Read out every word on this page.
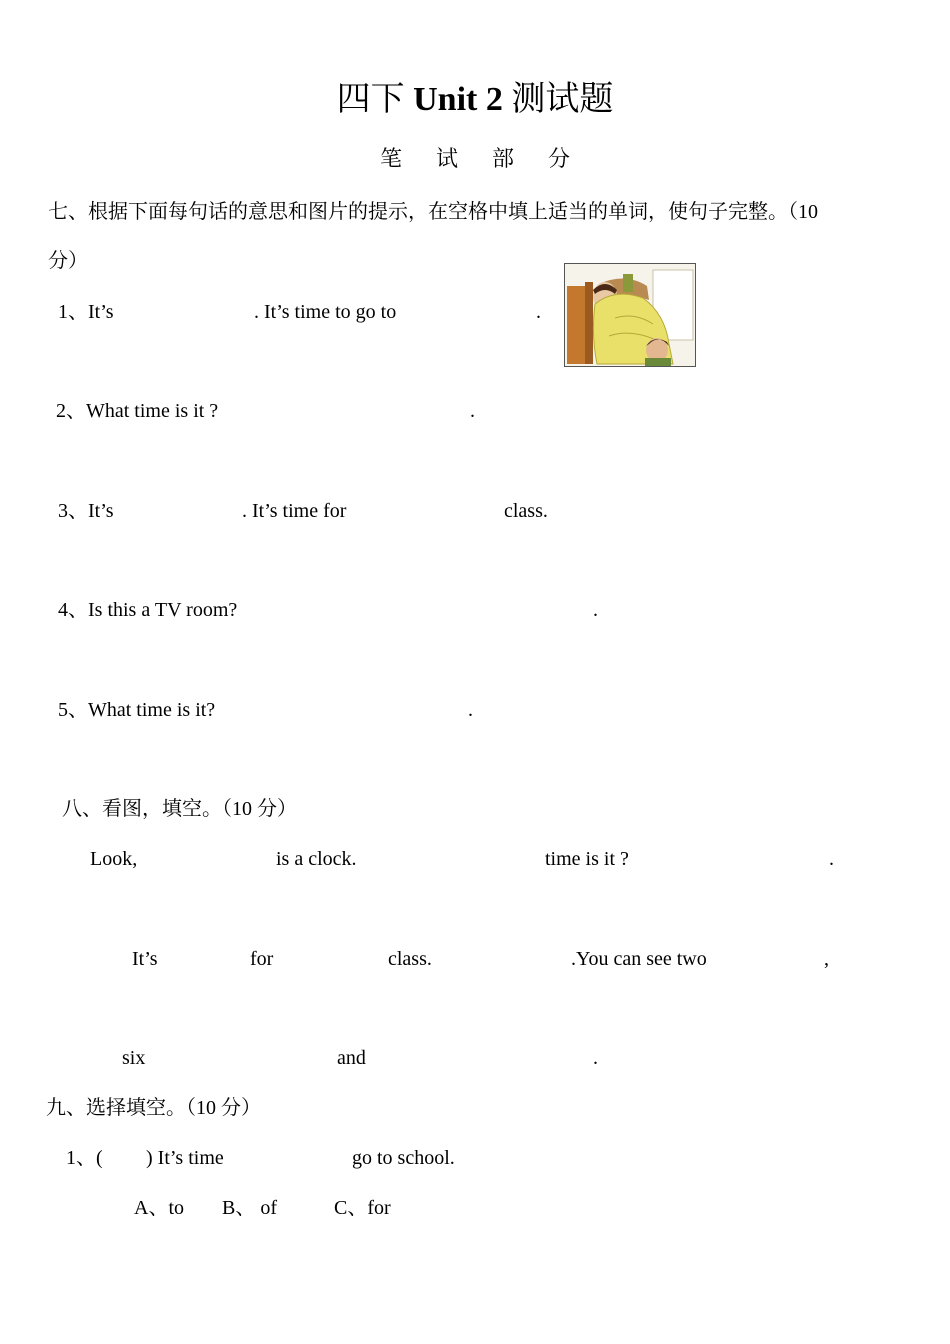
四下 Unit 2 测试题
笔试部分
七、根据下面每句话的意思和图片的提示，在空格中填上适当的单词，使句子完整。（10
分）
1、It’s	. It’s time to go to	.
2、What time is it ?	.
3、It’s	. It’s time for	class.
4、Is this a TV room?	.
5、What time is it?	.
八、看图，填空。（10 分）
Look,	is a clock.	time is it ?	.
It’s	for	class.	.You can see two	,
six	and	.
九、选择填空。（10 分）
1、( ) It’s time	go to school.
A、to B、 of	C、for
